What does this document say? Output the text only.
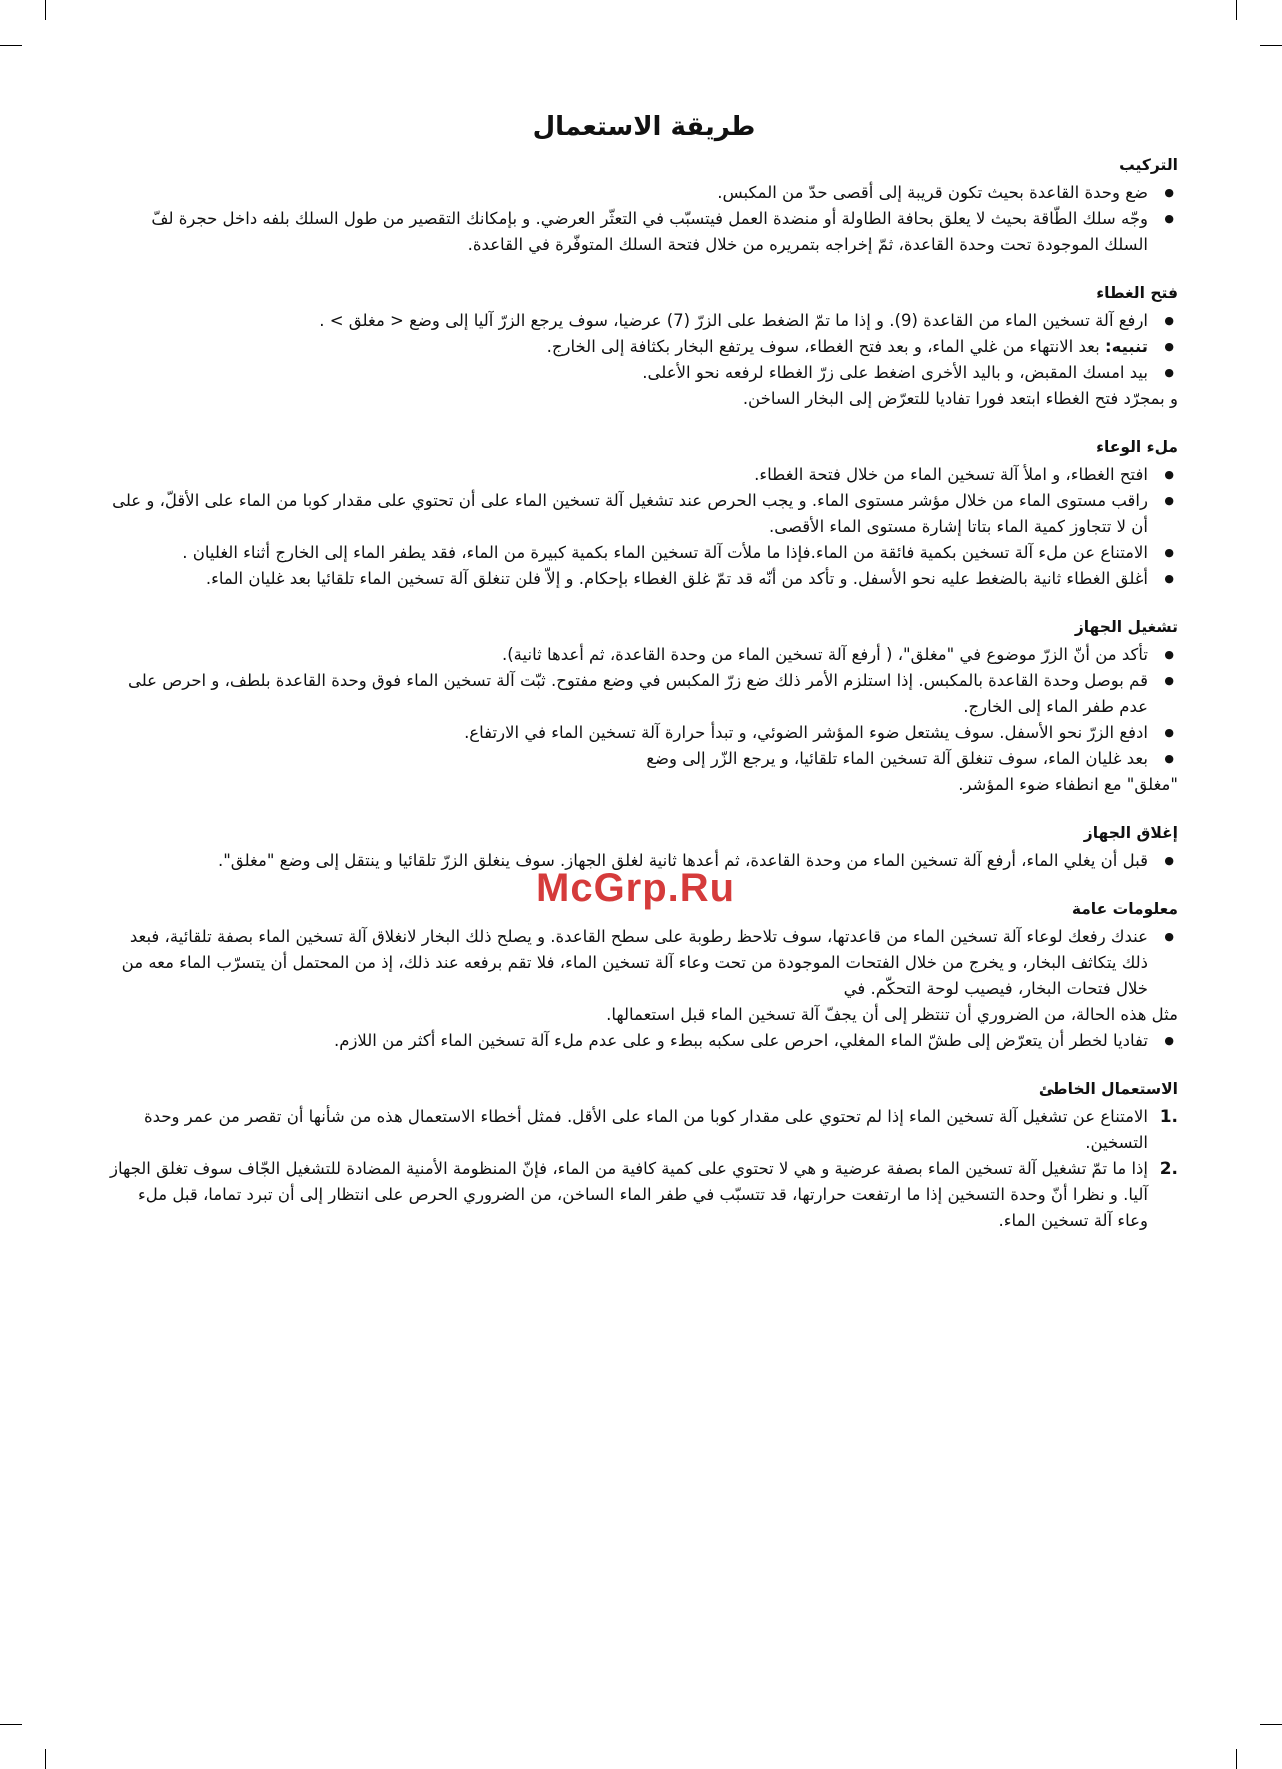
طريقة الاستعمال
التركيب
● ضع وحدة القاعدة بحيث تكون قريبة إلى أقصى حدّ من المكبس.
● وجّه سلك الطّاقة بحيث لا يعلق بحافة الطاولة أو منضدة العمل فيتسبّب في التعثّر العرضي. و بإمكانك التقصير من طول السلك بلفه داخل حجرة لفّ السلك الموجودة تحت وحدة القاعدة، ثمّ إخراجه بتمريره من خلال فتحة السلك المتوفّرة في القاعدة.
فتح الغطاء
● ارفع آلة تسخين الماء من القاعدة (9). و إذا ما تمّ الضغط على الزرّ (7) عرضيا، سوف يرجع الزرّ آليا إلى وضع < مغلق > .
● تنبيه: بعد الانتهاء من غلي الماء، و بعد فتح الغطاء، سوف يرتفع البخار بكثافة إلى الخارج.
● بيد امسك المقبض، و باليد الأخرى اضغط على زرّ الغطاء لرفعه نحو الأعلى.

و بمجرّد فتح الغطاء ابتعد فورا تفاديا للتعرّض إلى البخار الساخن.

ملء الوعاء
● افتح الغطاء، و املأ آلة تسخين الماء من خلال فتحة الغطاء.
● راقب مستوى الماء من خلال مؤشر مستوى الماء. و يجب الحرص عند تشغيل آلة تسخين الماء على أن تحتوي على مقدار كوبا من الماء على الأقلّ، و على أن لا تتجاوز كمية الماء بتاتا إشارة مستوى الماء الأقصى.
● الامتناع عن ملء آلة تسخين بكمية فائقة من الماء.فإذا ما ملأت آلة تسخين الماء بكمية كبيرة من الماء، فقد يطفر الماء إلى الخارج أثناء الغليان .
● أغلق الغطاء ثانية بالضغط عليه نحو الأسفل. و تأكد من أنّه قد تمّ غلق الغطاء بإحكام. و إلاّ فلن تنغلق آلة تسخين الماء تلقائيا بعد غليان الماء.
تشغيل الجهاز
● تأكد من أنّ الزرّ موضوع في "مغلق"، ( أرفع آلة تسخين الماء من وحدة القاعدة، ثم أعدها ثانية).
● قم بوصل وحدة القاعدة بالمكبس. إذا استلزم الأمر ذلك ضع زرّ المكبس في وضع مفتوح. ثبّت آلة تسخين الماء فوق وحدة القاعدة بلطف، و احرص على عدم طفر الماء إلى الخارج.
● ادفع الزرّ نحو الأسفل. سوف يشتعل ضوء المؤشر الضوئي، و تبدأ حرارة آلة تسخين الماء في الارتفاع.
● بعد غليان الماء، سوف تنغلق آلة تسخين الماء تلقائيا، و يرجع الزّر إلى وضع

"مغلق" مع انطفاء ضوء المؤشر.

إغلاق الجهاز
● قبل أن يغلي الماء، أرفع آلة تسخين الماء من وحدة القاعدة، ثم أعدها ثانية لغلق الجهاز. سوف ينغلق الزرّ تلقائيا و ينتقل إلى وضع "مغلق".
معلومات عامة
● عندك رفعك لوعاء آلة تسخين الماء من قاعدتها، سوف تلاحظ رطوبة على سطح القاعدة. و يصلح ذلك البخار لانغلاق آلة تسخين الماء بصفة تلقائية، فبعد ذلك يتكاثف البخار، و يخرج من خلال الفتحات الموجودة من تحت وعاء آلة تسخين الماء، فلا تقم برفعه عند ذلك، إذ من المحتمل أن يتسرّب الماء معه من خلال فتحات البخار، فيصيب لوحة التحكّم. في

مثل هذه الحالة، من الضروري أن تنتظر إلى أن يجفّ آلة تسخين الماء قبل استعمالها.

● تفاديا لخطر أن يتعرّض إلى طشّ الماء المغلي، احرص على سكبه ببطء و على عدم ملء آلة تسخين الماء أكثر من اللازم.
الاستعمال الخاطئ
1.
الامتناع عن تشغيل آلة تسخين الماء إذا لم تحتوي على مقدار كوبا من الماء على الأقل. فمثل أخطاء الاستعمال هذه من شأنها أن تقصر من عمر وحدة التسخين.
2.
إذا ما تمّ تشغيل آلة تسخين الماء بصفة عرضية و هي لا تحتوي على كمية كافية من الماء، فإنّ المنظومة الأمنية المضادة للتشغيل الجّاف سوف تغلق الجهاز آليا. و نظرا أنّ وحدة التسخين إذا ما ارتفعت حرارتها، قد تتسبّب في طفر الماء الساخن، من الضروري الحرص على انتظار إلى أن تبرد تماما، قبل ملء وعاء آلة تسخين الماء.
McGrp.Ru
